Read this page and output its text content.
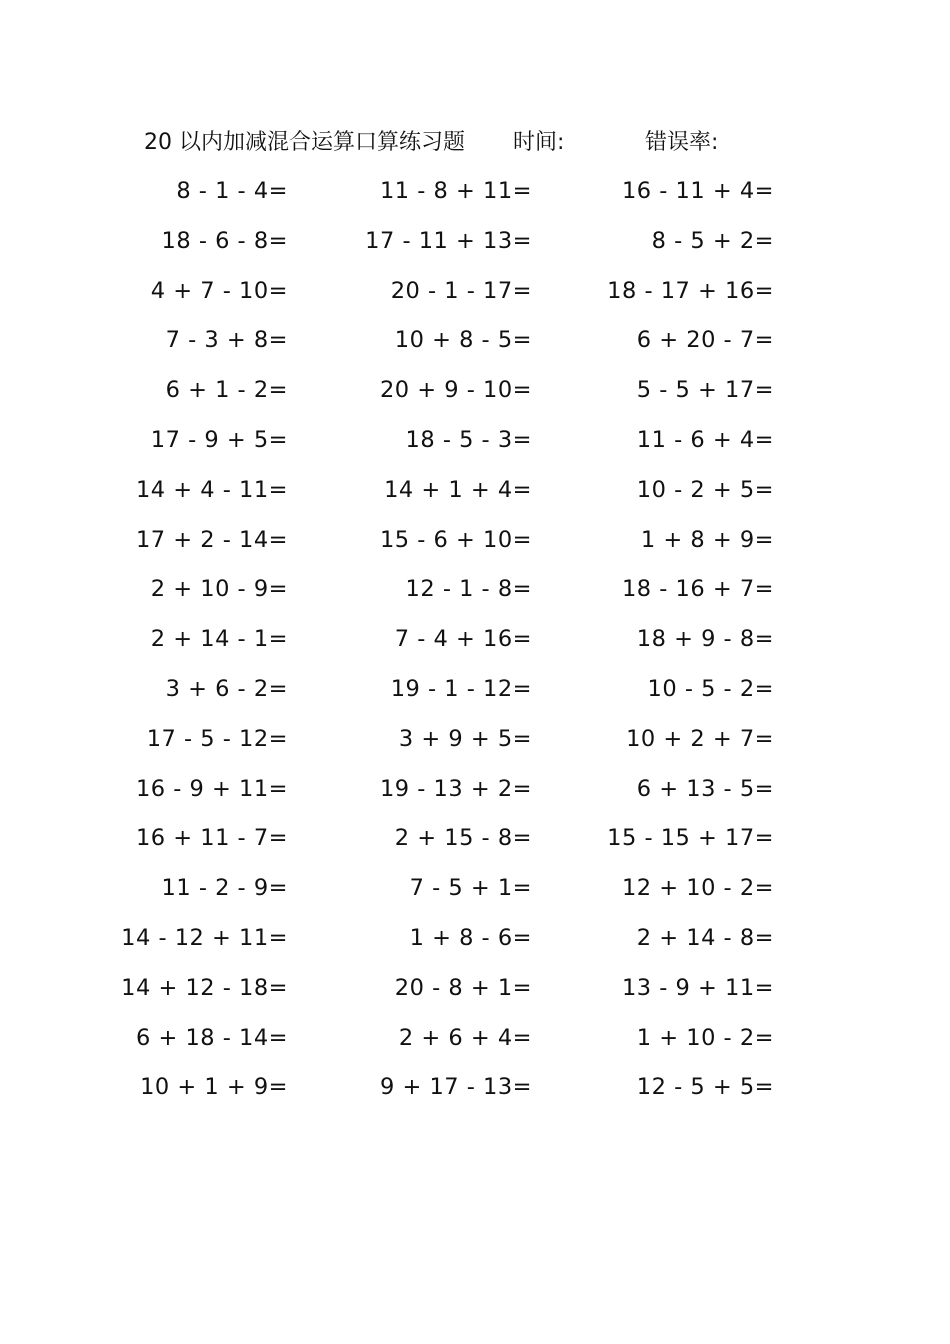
20 以内加减混合运算口算练习题 时间:	错误率:
8 - 1 - 4=	11 - 8 + 11=	16 - 11 + 4=
18 - 6 - 8=	17 - 11 + 13=	8 - 5 + 2=
4 + 7 - 10=	20 - 1 - 17=	18 - 17 + 16=
7 - 3 + 8=	10 + 8 - 5=	6 + 20 - 7=
6 + 1 - 2=	20 + 9 - 10=	5 - 5 + 17=
17 - 9 + 5=	18 - 5 - 3=	11 - 6 + 4=
14 + 4 - 11=	14 + 1 + 4=	10 - 2 + 5=
17 + 2 - 14=	15 - 6 + 10=	1 + 8 + 9=
2 + 10 - 9=	12 - 1 - 8=	18 - 16 + 7=
2 + 14 - 1=	7 - 4 + 16=	18 + 9 - 8=
3 + 6 - 2=	19 - 1 - 12=	10 - 5 - 2=
17 - 5 - 12=	3 + 9 + 5=	10 + 2 + 7=
16 - 9 + 11=	19 - 13 + 2=	6 + 13 - 5=
16 + 11 - 7=	2 + 15 - 8=	15 - 15 + 17=
11 - 2 - 9=	7 - 5 + 1=	12 + 10 - 2=
14 - 12 + 11=	1 + 8 - 6=	2 + 14 - 8=
14 + 12 - 18=	20 - 8 + 1=	13 - 9 + 11=
6 + 18 - 14=	2 + 6 + 4=	1 + 10 - 2=
10 + 1 + 9=	9 + 17 - 13=	12 - 5 + 5=
